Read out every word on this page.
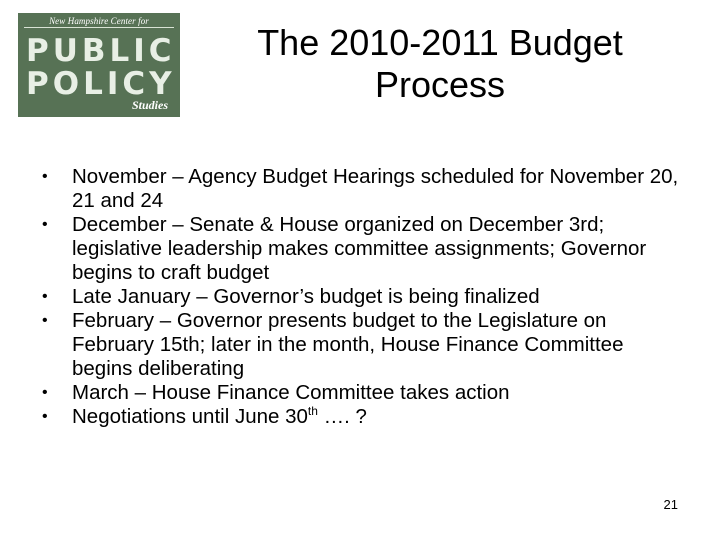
New Hampshire Center for
PUBLIC
POLICY
Studies
The 2010-2011 Budget
Process
• November – Agency Budget Hearings scheduled for November 20, 21 and 24
• December – Senate & House organized on December 3rd; legislative leadership makes committee assignments; Governor begins to craft budget
• Late January – Governor’s budget is being finalized
• February – Governor presents budget to the Legislature on February 15th; later in the month, House Finance Committee begins deliberating
• March – House Finance Committee takes action
• Negotiations until June 30th …. ?
21
